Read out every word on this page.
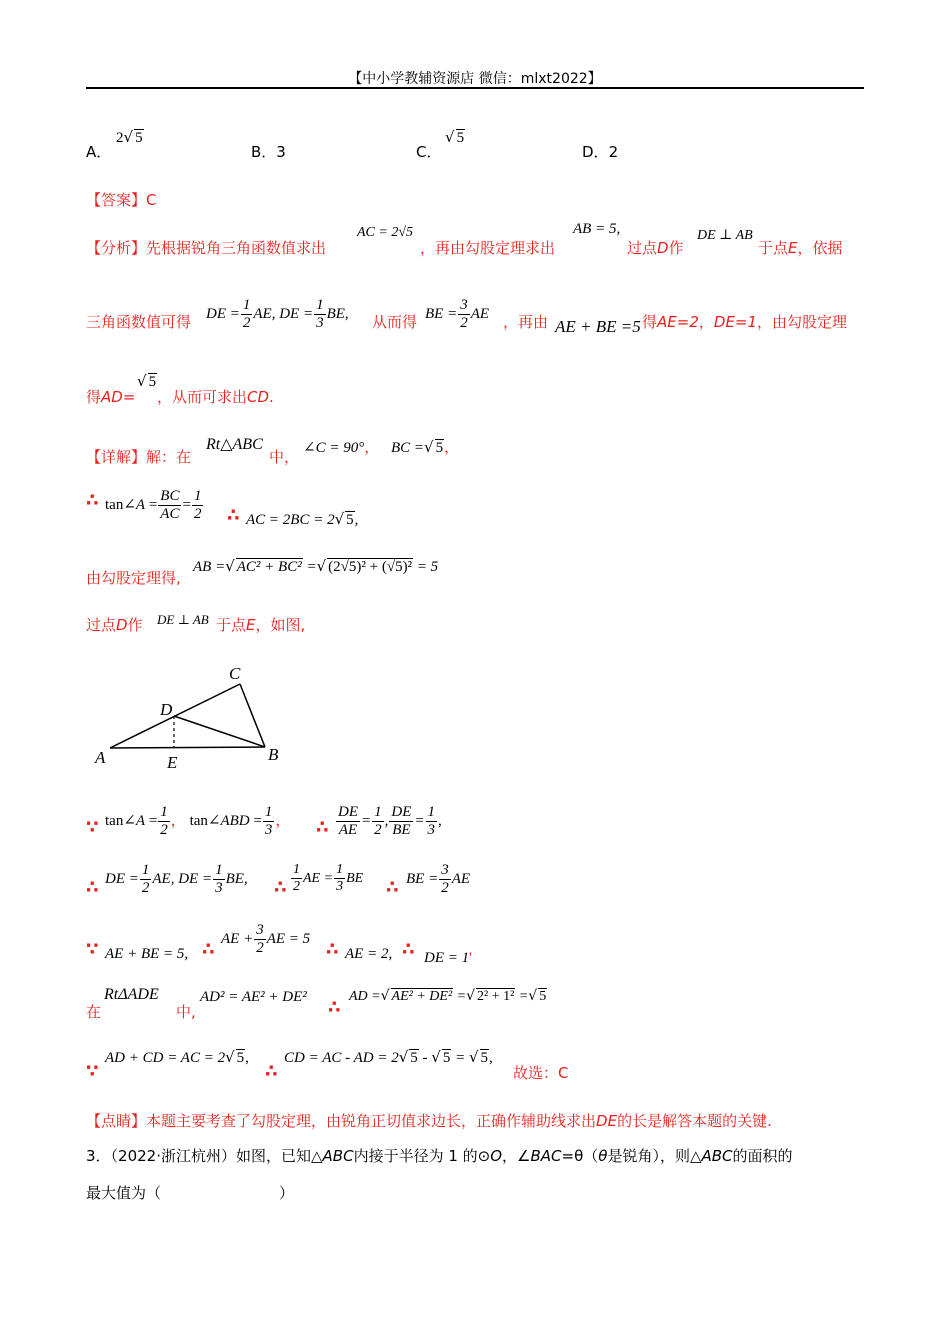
【中小学教辅资源店 微信：mlxt2022】
A．
2√ 5
B．3	C．
√ 5
D．2
【答案】C
【分析】先根据锐角三角函数值求出
AC = 2√5
，再由勾股定理求出
AB = 5,
过点D作
DE ⊥ AB
于点E，依据
三角函数值可得 DE = $\frac{1}{2}$ AE, DE = $\frac{1}{3}$ BE, 从而得 BE = $\frac{3}{2}$ AE ，再由 AE + BE =5 得AE=2，DE=1，由勾股定理
得AD=
√ 5
，从而可求出CD.
【详解】解：在
Rt△ABC
中， ∠C = 90°， BC =√ 5，
∴ tan∠A = $\frac{BC}{AC} = \frac{1}{2}$ ∴ AC = 2BC = 2√ 5,
由勾股定理得,
AB =√ AC² + BC² =√ (2√5)² + (√5)² = 5
过点D作 DE ⊥ AB 于点E，如图,
A	B
C
D
E
∵ tan∠A = $\frac{1}{2}$ ， tan∠ABD = $\frac{1}{3}$ ， ∴ $\frac{DE}{AE} = \frac{1}{2}$ , $\frac{DE}{BE} = \frac{1}{3}$ ,
∴ DE = $\frac{1}{2}$ AE, DE = $\frac{1}{3}$ BE, ∴ $\frac{1}{2}$ AE = $\frac{1}{3}$ BE ∴ BE = $\frac{3}{2}$ AE
∵ AE + BE = 5, ∴ AE + $\frac{3}{2}$ AE = 5 ∴ AE = 2, ∴ DE = 1'
在
RtΔADE
中,
AD² = AE² + DE² ∴
AD =√ AE² + DE² =√ 2² + 1² =√ 5
∵
AD + CD = AC = 2√ 5,
∴
CD = AC - AD = 2√ 5 - √ 5 = √ 5,
故选：C
【点睛】本题主要考查了勾股定理，由锐角正切值求边长，正确作辅助线求出DE的长是解答本题的关键.
3．（2022·浙江杭州）如图，已知△ABC内接于半径为 1 的⊙O，∠BAC=θ（θ是锐角），则△ABC的面积的
最大值为（	）
